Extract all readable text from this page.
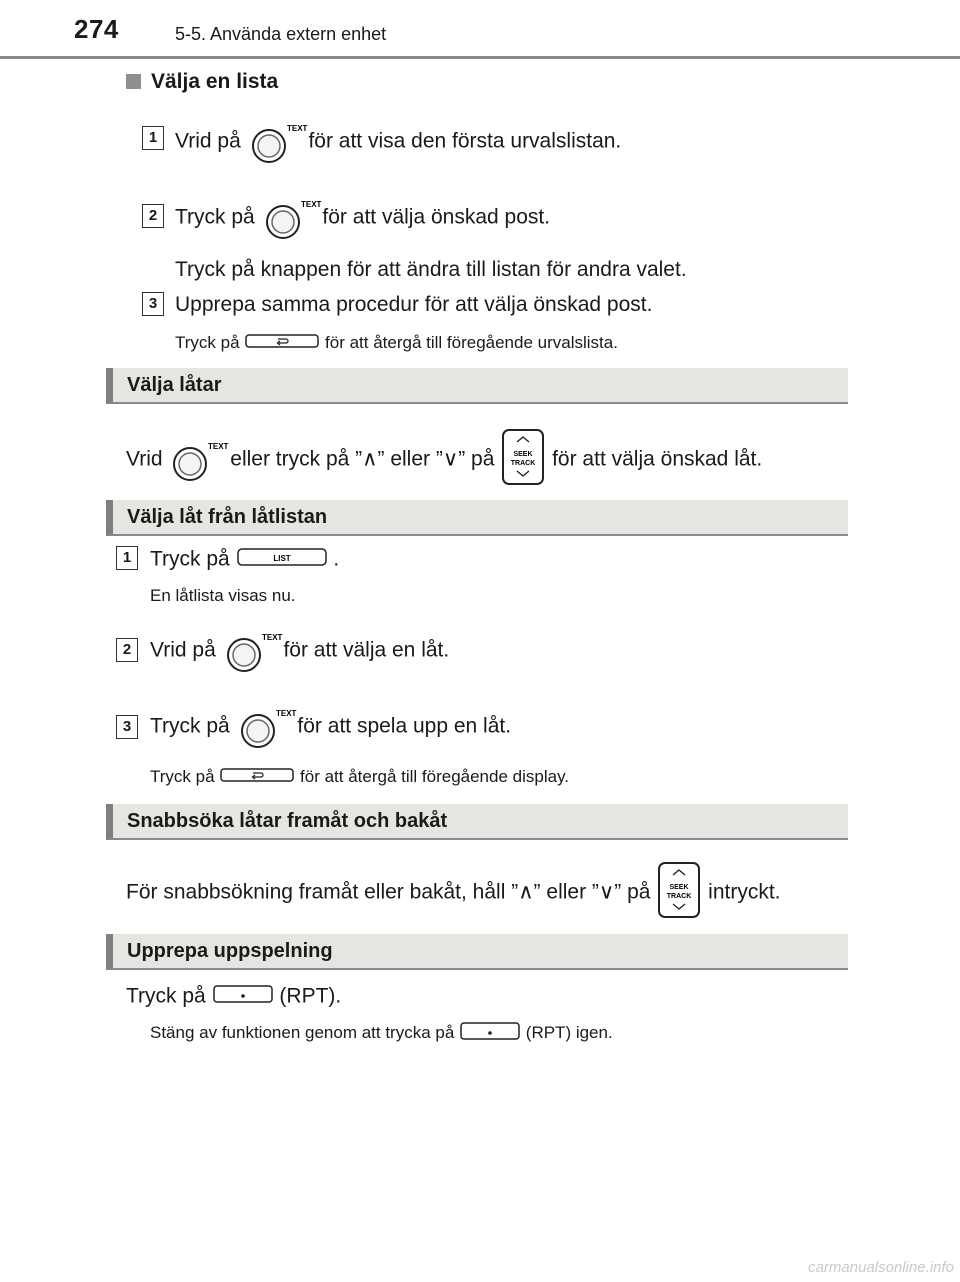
274	5-5. Använda extern enhet
Välja en lista
1 Vrid på
TEXT
för att visa den första urvalslistan.
2 Tryck på
TEXT
för att välja önskad post.
Tryck på knappen för att ändra till listan för andra valet.
3 Upprepa samma procedur för att välja önskad post.
Tryck på	för att återgå till föregående urvalslista.
Välja låtar
Vrid
TEXT
eller tryck på ”∧” eller ”∨” på	SEEK
TRACK för att välja önskad låt.
Välja låt från låtlistan
1 Tryck på	LIST .
En låtlista visas nu.
2 Vrid på
TEXT
för att välja en låt.
3 Tryck på
TEXT
för att spela upp en låt.
Tryck på	för att återgå till föregående display.
Snabbsöka låtar framåt och bakåt
För snabbsökning framåt eller bakåt, håll ”∧” eller ”∨” på	SEEK
TRACK intryckt.
Upprepa uppspelning
Tryck på	(RPT).
Stäng av funktionen genom att trycka på	(RPT) igen.
carmanualsonline.info
